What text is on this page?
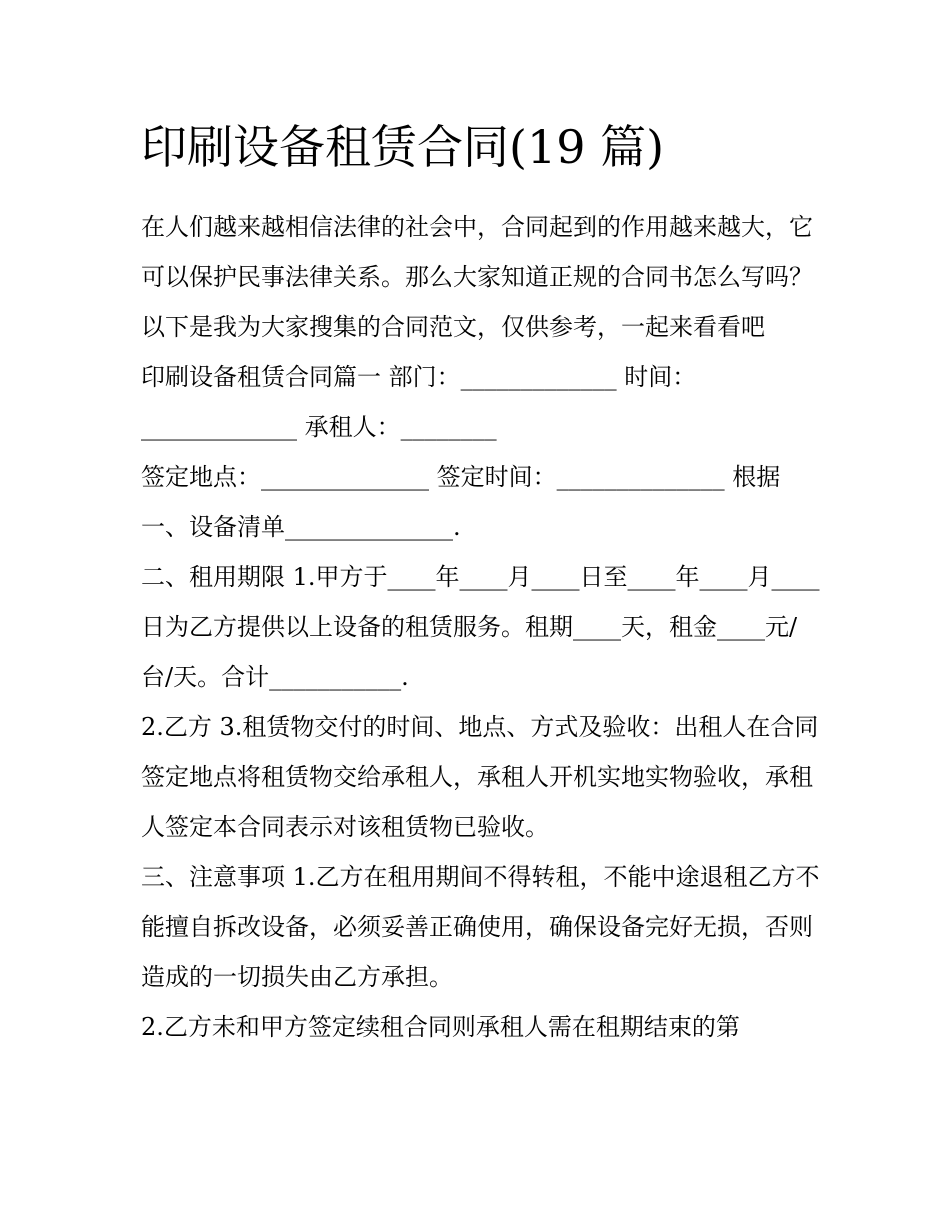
印刷设备租赁合同(19 篇)

在人们越来越相信法律的社会中，合同起到的作用越来越大，它可以保护民事法律关系。那么大家知道正规的合同书怎么写吗？以下是我为大家搜集的合同范文，仅供参考，一起来看看吧

印刷设备租赁合同篇一 部门：_____________ 时间：_____________ 承租人：________

签定地点：______________ 签定时间：______________ 根据

一、设备清单______________.

二、租用期限 1.甲方于____年____月____日至____年____月____日为乙方提供以上设备的租赁服务。租期____天，租金____元/台/天。合计___________.

2.乙方 3.租赁物交付的时间、地点、方式及验收：出租人在合同签定地点将租赁物交给承租人，承租人开机实地实物验收，承租人签定本合同表示对该租赁物已验收。

三、注意事项 1.乙方在租用期间不得转租，不能中途退租乙方不能擅自拆改设备，必须妥善正确使用，确保设备完好无损，否则造成的一切损失由乙方承担。

2.乙方未和甲方签定续租合同则承租人需在租期结束的第
